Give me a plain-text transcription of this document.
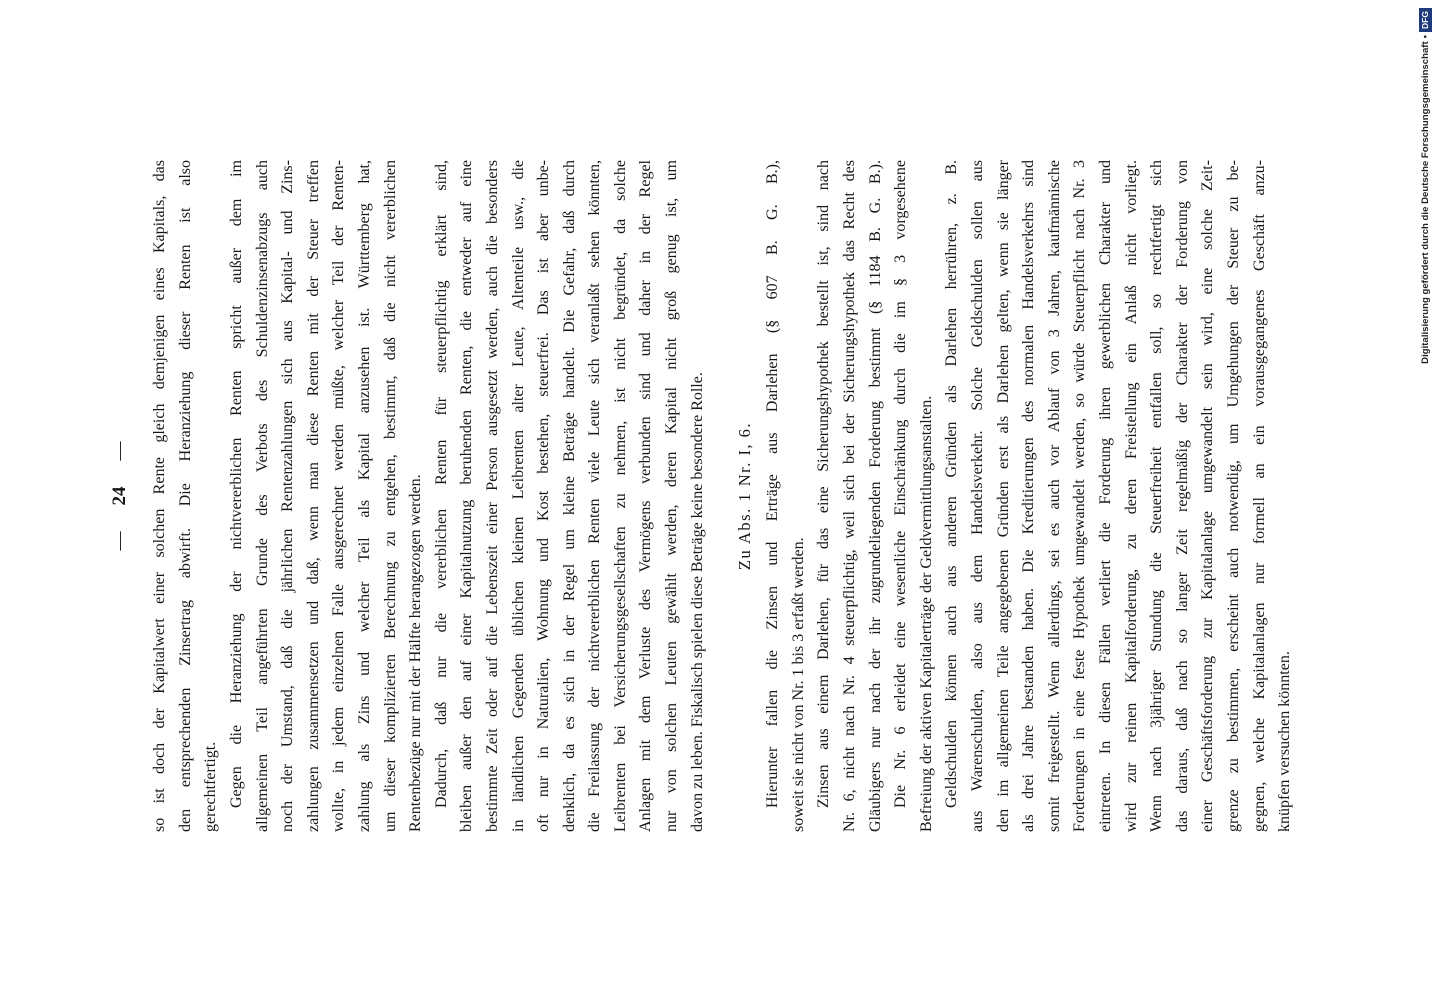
—24— so ist doch der Kapitalwert einer solchen Rente gleich demjenigen eines Kapitals, das den entsprechenden Zinsertrag abwirft. Die Heranziehung dieser Renten ist also gerechtfertigt. Gegen die Heranziehung der nichtvererblichen Renten spricht außer dem im allgemeinen Teil angeführten Grunde des Verbots des Schuldenzinsenabzugs auch noch der Umstand, daß die jährlichen Rentenzahlungen sich aus Kapital- und Zins- zahlungen zusammensetzen und daß, wenn man diese Renten mit der Steuer treffen wollte, in jedem einzelnen Falle ausgerechnet werden müßte, welcher Teil der Renten- zahlung als Zins und welcher Teil als Kapital anzusehen ist. Württemberg hat, um dieser komplizierten Berechnung zu entgehen, bestimmt, daß die nicht vererblichen Rentenbezüge nur mit der Hälfte herangezogen werden. Dadurch, daß nur die vererblichen Renten für steuerpflichtig erklärt sind, bleiben außer den auf einer Kapitalnutzung beruhenden Renten, die entweder auf eine bestimmte Zeit oder auf die Lebenszeit einer Person ausgesetzt werden, auch die besonders in ländlichen Gegenden üblichen kleinen Leibrenten alter Leute, Altenteile usw., die oft nur in Naturalien, Wohnung und Kost bestehen, steuerfrei. Das ist aber unbe- denklich, da es sich in der Regel um kleine Beträge handelt. Die Gefahr, daß durch die Freilassung der nichtvererblichen Renten viele Leute sich veranlaßt sehen könnten, Leibrenten bei Versicherungsgesellschaften zu nehmen, ist nicht begründet, da solche Anlagen mit dem Verluste des Vermögens verbunden sind und daher in der Regel nur von solchen Leuten gewählt werden, deren Kapital nicht groß genug ist, um davon zu leben. Fiskalisch spielen diese Beträge keine besondere Rolle. Zu Abs. 1 Nr. I, 6. Hierunter fallen die Zinsen und Erträge aus Darlehen (§ 607 B. G. B.), soweit sie nicht von Nr. 1 bis 3 erfaßt werden. Zinsen aus einem Darlehen, für das eine Sicherungshypothek bestellt ist, sind nach Nr. 6, nicht nach Nr. 4 steuerpflichtig, weil sich bei der Sicherungshypothek das Recht des Gläubigers nur nach der ihr zugrundeliegenden Forderung bestimmt (§ 1184 B. G. B.). Die Nr. 6 erleidet eine wesentliche Einschränkung durch die im § 3 vorgesehene Befreiung der aktiven Kapitalerträge der Geldvermittlungsanstalten. Geldschulden können auch aus anderen Gründen als Darlehen herrühren, z. B. aus Warenschulden, also aus dem Handelsverkehr. Solche Geldschulden sollen aus den im allgemeinen Teile angegebenen Gründen erst als Darlehen gelten, wenn sie länger als drei Jahre bestanden haben. Die Kreditierungen des normalen Handelsverkehrs sind somit freigestellt. Wenn allerdings, sei es auch vor Ablauf von 3 Jahren, kaufmännische Forderungen in eine feste Hypothek umgewandelt werden, so würde Steuerpflicht nach Nr. 3 eintreten. In diesen Fällen verliert die Forderung ihren gewerblichen Charakter und wird zur reinen Kapitalforderung, zu deren Freistellung ein Anlaß nicht vorliegt. Wenn nach 3jähriger Stundung die Steuerfreiheit entfallen soll, so rechtfertigt sich das daraus, daß nach so langer Zeit regelmäßig der Charakter der Forderung von einer Geschäftsforderung zur Kapitalanlage umgewandelt sein wird, eine solche Zeit- grenze zu bestimmen, erscheint auch notwendig, um Umgehungen der Steuer zu be- gegnen, welche Kapitalanlagen nur formell an ein vorausgegangenes Geschäft anzu- knüpfen versuchen könnten.
Digitalisierung gefördert durch die Deutsche Forschungsgemeinschaft
•
DFG
